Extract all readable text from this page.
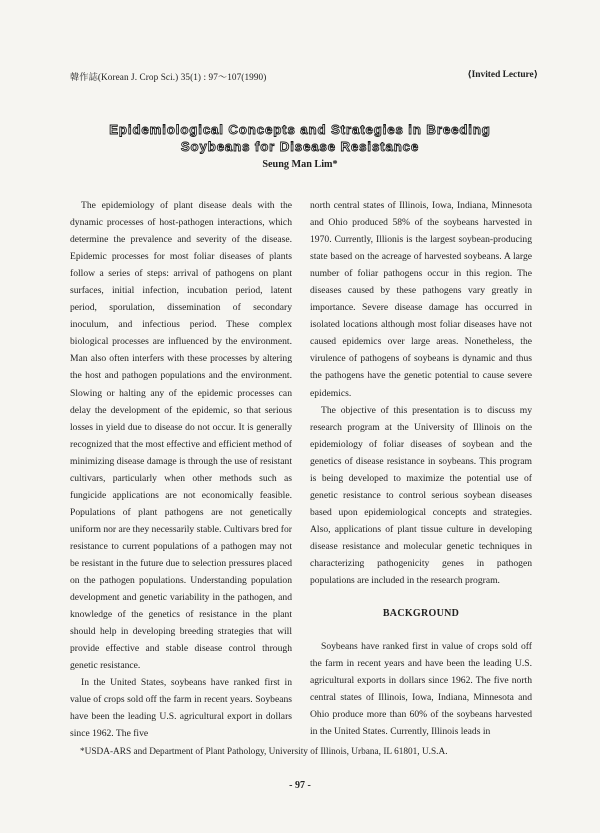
韓作誌(Korean J. Crop Sci.) 35(1) : 97～107(1990)	⟨Invited Lecture⟩
Epidemiological Concepts and Strategies in Breeding
Soybeans for Disease Resistance
Seung Man Lim*

The epidemiology of plant disease deals with the dynamic processes of host-pathogen interactions, which determine the prevalence and severity of the disease. Epidemic processes for most foliar diseases of plants follow a series of steps: arrival of pathogens on plant surfaces, initial infection, incubation period, latent period, sporulation, dissemination of secondary inoculum, and infectious period. These complex biological processes are influenced by the environment. Man also often interfers with these processes by altering the host and pathogen populations and the environment. Slowing or halting any of the epidemic processes can delay the development of the epidemic, so that serious losses in yield due to disease do not occur. It is generally recognized that the most effective and efficient method of minimizing disease damage is through the use of resistant cultivars, particularly when other methods such as fungicide applications are not economically feasible. Populations of plant pathogens are not genetically uniform nor are they necessarily stable. Cultivars bred for resistance to current populations of a pathogen may not be resistant in the future due to selection pressures placed on the pathogen populations. Understanding population development and genetic variability in the pathogen, and knowledge of the genetics of resistance in the plant should help in developing breeding strategies that will provide effective and stable disease control through genetic resistance.

In the United States, soybeans have ranked first in value of crops sold off the farm in recent years. Soybeans have been the leading U.S. agricultural export in dollars since 1962. The five

north central states of Illinois, Iowa, Indiana, Minnesota and Ohio produced 58% of the soybeans harvested in 1970. Currently, Illionis is the largest soybean-producing state based on the acreage of harvested soybeans. A large number of foliar pathogens occur in this region. The diseases caused by these pathogens vary greatly in importance. Severe disease damage has occurred in isolated locations although most foliar diseases have not caused epidemics over large areas. Nonetheless, the virulence of pathogens of soybeans is dynamic and thus the pathogens have the genetic potential to cause severe epidemics.

The objective of this presentation is to discuss my research program at the University of Illinois on the epidemiology of foliar diseases of soybean and the genetics of disease resistance in soybeans. This program is being developed to maximize the potential use of genetic resistance to control serious soybean diseases based upon epidemiological concepts and strategies. Also, applications of plant tissue culture in developing disease resistance and molecular genetic techniques in characterizing pathogenicity genes in pathogen populations are included in the research program.

BACKGROUND

Soybeans have ranked first in value of crops sold off the farm in recent years and have been the leading U.S. agricultural exports in dollars since 1962. The five north central states of Illinois, Iowa, Indiana, Minnesota and Ohio produce more than 60% of the soybeans harvested in the United States. Currently, Illinois leads in

*USDA-ARS and Department of Plant Pathology, University of Illinois, Urbana, IL 61801, U.S.A.
- 97 -
